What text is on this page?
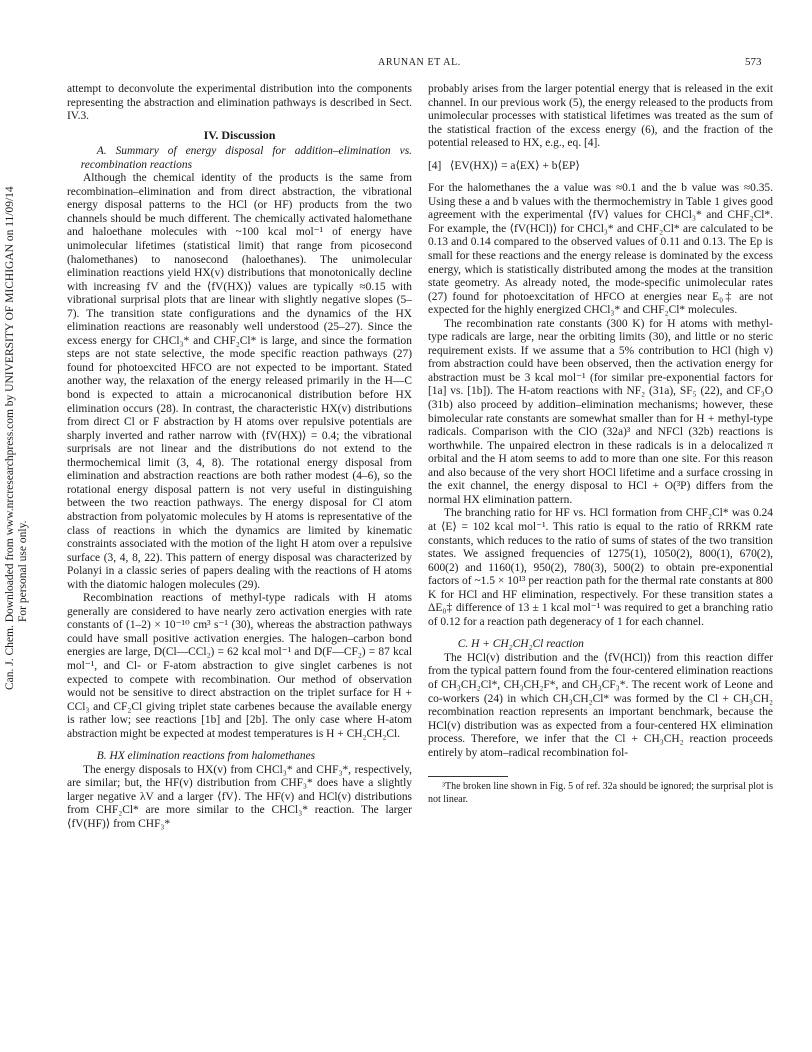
ARUNAN ET AL.	573
Can. J. Chem. Downloaded from www.nrcresearchpress.com by UNIVERSITY OF MICHIGAN on 11/09/14 For personal use only.

attempt to deconvolute the experimental distribution into the components representing the abstraction and elimination pathways is described in Sect. IV.3.

IV. Discussion

A. Summary of energy disposal for addition–elimination vs. recombination reactions

Although the chemical identity of the products is the same from recombination–elimination and from direct abstraction, the vibrational energy disposal patterns to the HCl (or HF) products from the two channels should be much different. The chemically activated halomethane and haloethane molecules with ~100 kcal mol⁻¹ of energy have unimolecular lifetimes (statistical limit) that range from picosecond (halomethanes) to nanosecond (haloethanes). The unimolecular elimination reactions yield HX(v) distributions that monotonically decline with increasing fV and the ⟨fV(HX)⟩ values are typically ≈0.15 with vibrational surprisal plots that are linear with slightly negative slopes (5–7). The transition state configurations and the dynamics of the HX elimination reactions are reasonably well understood (25–27). Since the excess energy for CHCl₃* and CHF₂Cl* is large, and since the formation steps are not state selective, the mode specific reaction pathways (27) found for photoexcited HFCO are not expected to be important. Stated another way, the relaxation of the energy released primarily in the H—C bond is expected to attain a microcanonical distribution before HX elimination occurs (28). In contrast, the characteristic HX(v) distributions from direct Cl or F abstraction by H atoms over repulsive potentials are sharply inverted and rather narrow with ⟨fV(HX)⟩ = 0.4; the vibrational surprisals are not linear and the distributions do not extend to the thermochemical limit (3, 4, 8). The rotational energy disposal from elimination and abstraction reactions are both rather modest (4–6), so the rotational energy disposal pattern is not very useful in distinguishing between the two reaction pathways. The energy disposal for Cl atom abstraction from polyatomic molecules by H atoms is representative of the class of reactions in which the dynamics are limited by kinematic constraints associated with the motion of the light H atom over a repulsive surface (3, 4, 8, 22). This pattern of energy disposal was characterized by Polanyi in a classic series of papers dealing with the reactions of H atoms with the diatomic halogen molecules (29).

Recombination reactions of methyl-type radicals with H atoms generally are considered to have nearly zero activation energies with rate constants of (1–2) × 10⁻¹⁰ cm³ s⁻¹ (30), whereas the abstraction pathways could have small positive activation energies. The halogen–carbon bond energies are large, D(Cl—CCl₂) = 62 kcal mol⁻¹ and D(F—CF₂) = 87 kcal mol⁻¹, and Cl- or F-atom abstraction to give singlet carbenes is not expected to compete with recombination. Our method of observation would not be sensitive to direct abstraction on the triplet surface for H + CCl₃ and CF₂Cl giving triplet state carbenes because the available energy is rather low; see reactions [1b] and [2b]. The only case where H-atom abstraction might be expected at modest temperatures is H + CH₂CH₂Cl.

B. HX elimination reactions from halomethanes

The energy disposals to HX(v) from CHCl₃* and CHF₃*, respectively, are similar; but, the HF(v) distribution from CHF₃* does have a slightly larger negative λV and a larger ⟨fV⟩. The HF(v) and HCl(v) distributions from CHF₂Cl* are more similar to the CHCl₃* reaction. The larger ⟨fV(HF)⟩ from CHF₃*

probably arises from the larger potential energy that is released in the exit channel. In our previous work (5), the energy released to the products from unimolecular processes with statistical lifetimes was treated as the sum of the statistical fraction of the excess energy (6), and the fraction of the potential released to HX, e.g., eq. [4].

[4]   ⟨EV(HX)⟩ = a⟨EX⟩ + b⟨EP⟩

For the halomethanes the a value was ≈0.1 and the b value was ≈0.35. Using these a and b values with the thermochemistry in Table 1 gives good agreement with the experimental ⟨fV⟩ values for CHCl₃* and CHF₂Cl*. For example, the ⟨fV(HCl)⟩ for CHCl₃* and CHF₂Cl* are calculated to be 0.13 and 0.14 compared to the observed values of 0.11 and 0.13. The Ep is small for these reactions and the energy release is dominated by the excess energy, which is statistically distributed among the modes at the transition state geometry. As already noted, the mode-specific unimolecular rates (27) found for photoexcitation of HFCO at energies near E₀‡ are not expected for the highly energized CHCl₃* and CHF₂Cl* molecules.

The recombination rate constants (300 K) for H atoms with methyl-type radicals are large, near the orbiting limits (30), and little or no steric requirement exists. If we assume that a 5% contribution to HCl (high v) from abstraction could have been observed, then the activation energy for abstraction must be 3 kcal mol⁻¹ (for similar pre-exponential factors for [1a] vs. [1b]). The H-atom reactions with NF₂ (31a), SF₅ (22), and CF₃O (31b) also proceed by addition–elimination mechanisms; however, these bimolecular rate constants are somewhat smaller than for H + methyl-type radicals. Comparison with the ClO (32a)³ and NFCl (32b) reactions is worthwhile. The unpaired electron in these radicals is in a delocalized π orbital and the H atom seems to add to more than one site. For this reason and also because of the very short HOCl lifetime and a surface crossing in the exit channel, the energy disposal to HCl + O(³P) differs from the normal HX elimination pattern.

The branching ratio for HF vs. HCl formation from CHF₂Cl* was 0.24 at ⟨E⟩ = 102 kcal mol⁻¹. This ratio is equal to the ratio of RRKM rate constants, which reduces to the ratio of sums of states of the two transition states. We assigned frequencies of 1275(1), 1050(2), 800(1), 670(2), 600(2) and 1160(1), 950(2), 780(3), 500(2) to obtain pre-exponential factors of ~1.5 × 10¹³ per reaction path for the thermal rate constants at 800 K for HCl and HF elimination, respectively. For these transition states a ΔE₀‡ difference of 13 ± 1 kcal mol⁻¹ was required to get a branching ratio of 0.12 for a reaction path degeneracy of 1 for each channel.

C. H + CH₂CH₂Cl reaction

The HCl(v) distribution and the ⟨fV(HCl)⟩ from this reaction differ from the typical pattern found from the four-centered elimination reactions of CH₃CH₂Cl*, CH₃CH₂F*, and CH₃CF₃*. The recent work of Leone and co-workers (24) in which CH₃CH₂Cl* was formed by the Cl + CH₃CH₂ recombination reaction represents an important benchmark, because the HCl(v) distribution was as expected from a four-centered HX elimination process. Therefore, we infer that the Cl + CH₃CH₂ reaction proceeds entirely by atom–radical recombination fol-

³The broken line shown in Fig. 5 of ref. 32a should be ignored; the surprisal plot is not linear.
